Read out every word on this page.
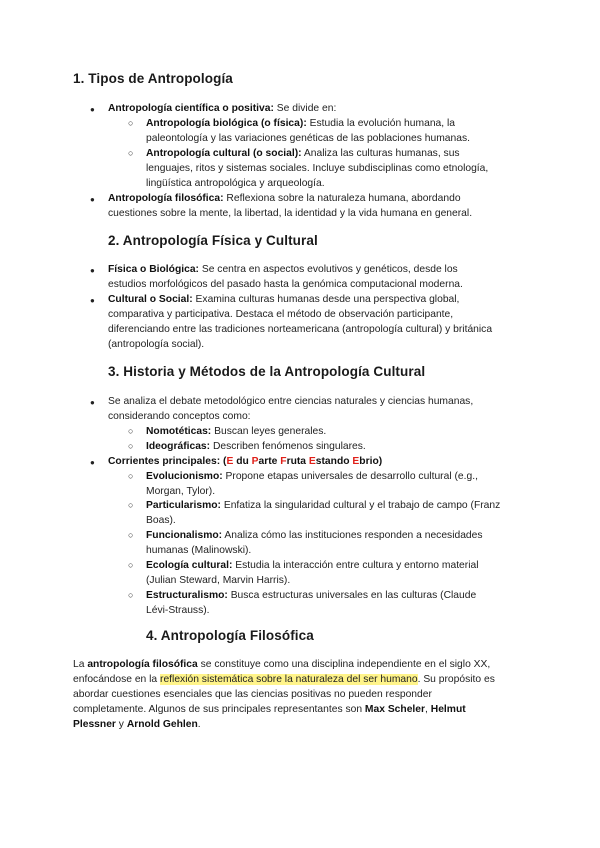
1. Tipos de Antropología
● Antropología científica o positiva: Se divide en:
○ Antropología biológica (o física): Estudia la evolución humana, la
paleontología y las variaciones genéticas de las poblaciones humanas.
○ Antropología cultural (o social): Analiza las culturas humanas, sus
lenguajes, ritos y sistemas sociales. Incluye subdisciplinas como etnología,
lingüística antropológica y arqueología.
● Antropología filosófica: Reflexiona sobre la naturaleza humana, abordando
cuestiones sobre la mente, la libertad, la identidad y la vida humana en general.
2. Antropología Física y Cultural
● Física o Biológica: Se centra en aspectos evolutivos y genéticos, desde los
estudios morfológicos del pasado hasta la genómica computacional moderna.
● Cultural o Social: Examina culturas humanas desde una perspectiva global,
comparativa y participativa. Destaca el método de observación participante,
diferenciando entre las tradiciones norteamericana (antropología cultural) y británica
(antropología social).
3. Historia y Métodos de la Antropología Cultural
● Se analiza el debate metodológico entre ciencias naturales y ciencias humanas,
considerando conceptos como:
○ Nomotéticas: Buscan leyes generales.
○ Ideográficas: Describen fenómenos singulares.
● Corrientes principales: (E du Parte Fruta Estando Ebrio)
○ Evolucionismo: Propone etapas universales de desarrollo cultural (e.g.,
Morgan, Tylor).
○ Particularismo: Enfatiza la singularidad cultural y el trabajo de campo (Franz
Boas).
○ Funcionalismo: Analiza cómo las instituciones responden a necesidades
humanas (Malinowski).
○ Ecología cultural: Estudia la interacción entre cultura y entorno material
(Julian Steward, Marvin Harris).
○ Estructuralismo: Busca estructuras universales en las culturas (Claude
Lévi-Strauss).
4. Antropología Filosófica
La antropología filosófica se constituye como una disciplina independiente en el siglo XX,
enfocándose en la reflexión sistemática sobre la naturaleza del ser humano. Su propósito es
abordar cuestiones esenciales que las ciencias positivas no pueden responder
completamente. Algunos de sus principales representantes son Max Scheler, Helmut
Plessner y Arnold Gehlen.
